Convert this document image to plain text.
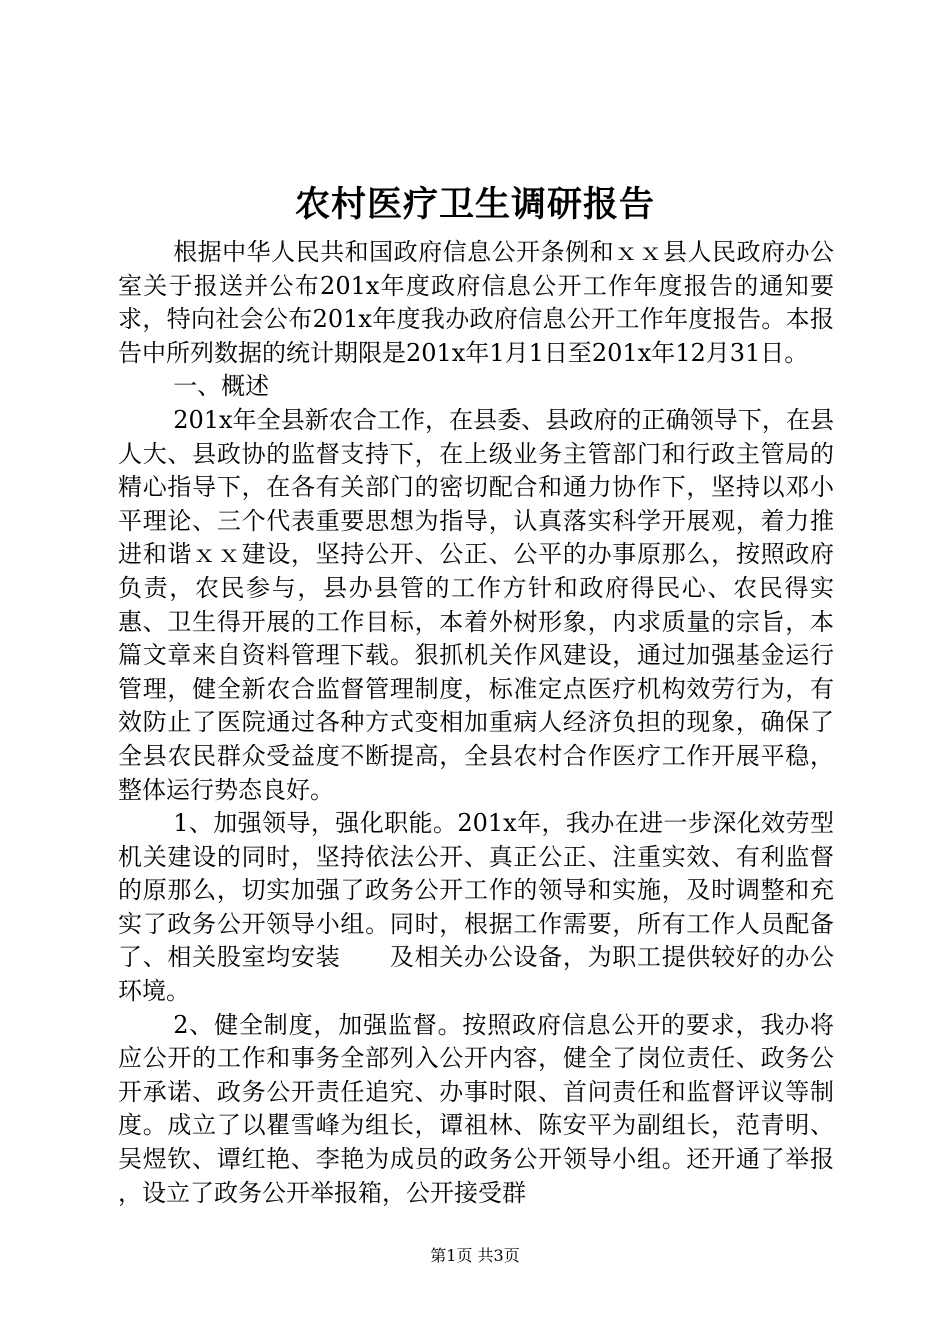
农村医疗卫生调研报告

根据中华人民共和国政府信息公开条例和ｘｘ县人民政府办公室关于报送并公布201x年度政府信息公开工作年度报告的通知要求，特向社会公布201x年度我办政府信息公开工作年度报告。本报告中所列数据的统计期限是201x年1月1日至201x年12月31日。

一、概述

201x年全县新农合工作，在县委、县政府的正确领导下，在县人大、县政协的监督支持下，在上级业务主管部门和行政主管局的精心指导下，在各有关部门的密切配合和通力协作下，坚持以邓小平理论、三个代表重要思想为指导，认真落实科学开展观，着力推进和谐ｘｘ建设，坚持公开、公正、公平的办事原那么，按照政府负责，农民参与，县办县管的工作方针和政府得民心、农民得实惠、卫生得开展的工作目标，本着外树形象，内求质量的宗旨，本篇文章来自资料管理下载。狠抓机关作风建设，通过加强基金运行管理，健全新农合监督管理制度，标准定点医疗机构效劳行为，有效防止了医院通过各种方式变相加重病人经济负担的现象，确保了全县农民群众受益度不断提高，全县农村合作医疗工作开展平稳，整体运行势态良好。

1、加强领导，强化职能。201x年，我办在进一步深化效劳型机关建设的同时，坚持依法公开、真正公正、注重实效、有利监督的原那么，切实加强了政务公开工作的领导和实施，及时调整和充实了政务公开领导小组。同时，根据工作需要，所有工作人员配备了、相关股室均安装　　及相关办公设备，为职工提供较好的办公环境。

2、健全制度，加强监督。按照政府信息公开的要求，我办将应公开的工作和事务全部列入公开内容，健全了岗位责任、政务公开承诺、政务公开责任追究、办事时限、首问责任和监督评议等制度。成立了以瞿雪峰为组长，谭祖林、陈安平为副组长，范青明、吴煜钦、谭红艳、李艳为成员的政务公开领导小组。还开通了举报　　，设立了政务公开举报箱，公开接受群

第1页 共3页
